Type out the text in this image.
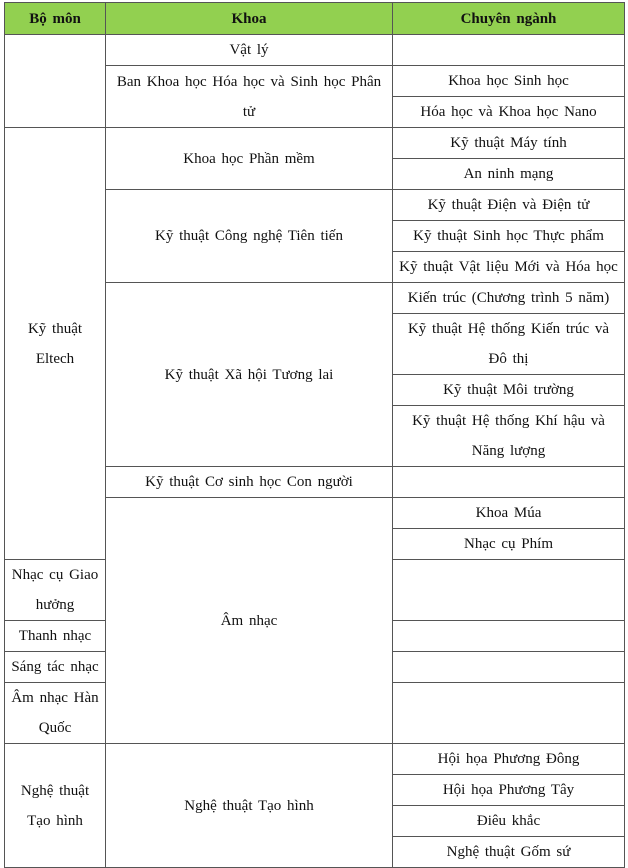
Bộ môn	Khoa	Chuyên ngành	
	Vật lý		
	Ban Khoa học Hóa học và Sinh học Phân tử	Khoa học Sinh học	
		Hóa học và Khoa học Nano	
Kỹ thuật Eltech	Khoa học Phần mềm	Kỹ thuật Máy tính	
		An ninh mạng	
	Kỹ thuật Công nghệ Tiên tiến	Kỹ thuật Điện và Điện tử	
		Kỹ thuật Sinh học Thực phẩm	
		Kỹ thuật Vật liệu Mới và Hóa học	
	Kỹ thuật Xã hội Tương lai	Kiến trúc (Chương trình 5 năm)	
		Kỹ thuật Hệ thống Kiến trúc và Đô thị	
		Kỹ thuật Môi trường	
		Kỹ thuật Hệ thống Khí hậu và Năng lượng	
	Kỹ thuật Cơ sinh học Con người		
	Âm nhạc	Khoa Múa	
		Nhạc cụ Phím	
Nhạc cụ Giao hưởng			
Thanh nhạc			
Sáng tác nhạc			
Âm nhạc Hàn Quốc			
Nghệ thuật Tạo hình	Nghệ thuật Tạo hình	Hội họa Phương Đông	
		Hội họa Phương Tây	
		Điêu khắc	
		Nghệ thuật Gốm sứ	
